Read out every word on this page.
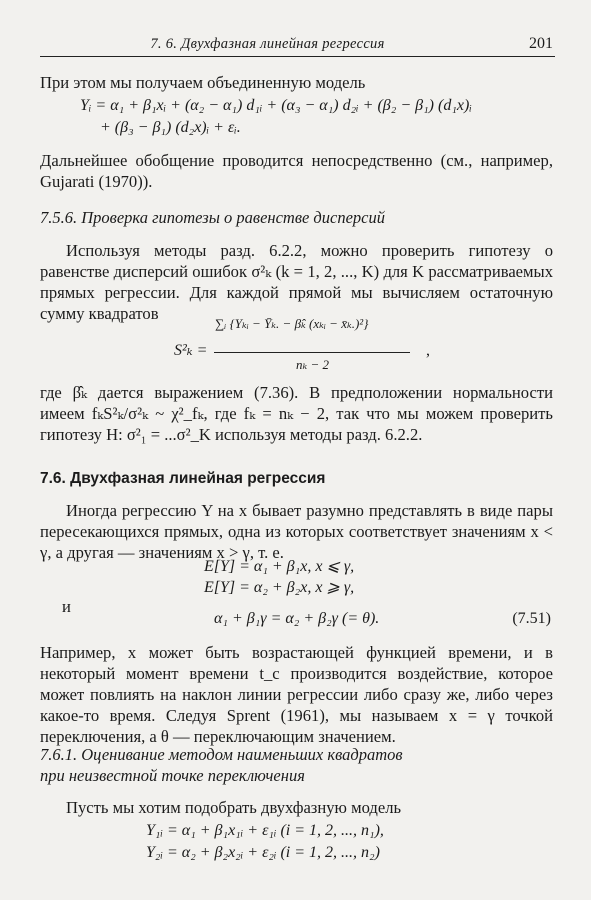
7. 6. Двухфазная линейная регрессия	201
При этом мы получаем объединенную модель
Yᵢ = α₁ + β₁xᵢ + (α₂ − α₁) d₁ᵢ + (α₃ − α₁) d₂ᵢ + (β₂ − β₁) (d₁x)ᵢ
+ (β₃ − β₁) (d₂x)ᵢ + εᵢ.
Дальнейшее обобщение проводится непосредственно (см., например, Gujarati (1970)).
7.5.6. Проверка гипотезы о равенстве дисперсий
Используя методы разд. 6.2.2, можно проверить гипотезу о равенстве дисперсий ошибок σ²ₖ (k = 1, 2, ..., K) для K рассматриваемых прямых регрессии. Для каждой прямой мы вычисляем остаточную сумму квадратов
S²ₖ =
∑ᵢ {Yₖᵢ − Ȳₖ. − β̂ₖ (xₖᵢ − x̄ₖ.)²}
nₖ − 2
,
где β̂ₖ дается выражением (7.36). В предположении нормальности имеем fₖS²ₖ/σ²ₖ ~ χ²_fₖ, где fₖ = nₖ − 2, так что мы можем проверить гипотезу H: σ²₁ = ...σ²_K используя методы разд. 6.2.2.
7.6. Двухфазная линейная регрессия
Иногда регрессию Y на x бывает разумно представлять в виде пары пересекающихся прямых, одна из которых соответствует значениям x < γ, а другая — значениям x > γ, т. е.
E[Y] = α₁ + β₁x, x ⩽ γ,
E[Y] = α₂ + β₂x, x ⩾ γ,
и
α₁ + β₁γ = α₂ + β₂γ (= θ).	(7.51)
Например, x может быть возрастающей функцией времени, и в некоторый момент времени t_c производится воздействие, которое может повлиять на наклон линии регрессии либо сразу же, либо через какое-то время. Следуя Sprent (1961), мы называем x = γ точкой переключения, а θ — переключающим значением.
7.6.1. Оценивание методом наименьших квадратов
при неизвестной точке переключения
Пусть мы хотим подобрать двухфазную модель
Y₁ᵢ = α₁ + β₁x₁ᵢ + ε₁ᵢ (i = 1, 2, ..., n₁),
Y₂ᵢ = α₂ + β₂x₂ᵢ + ε₂ᵢ (i = 1, 2, ..., n₂)
